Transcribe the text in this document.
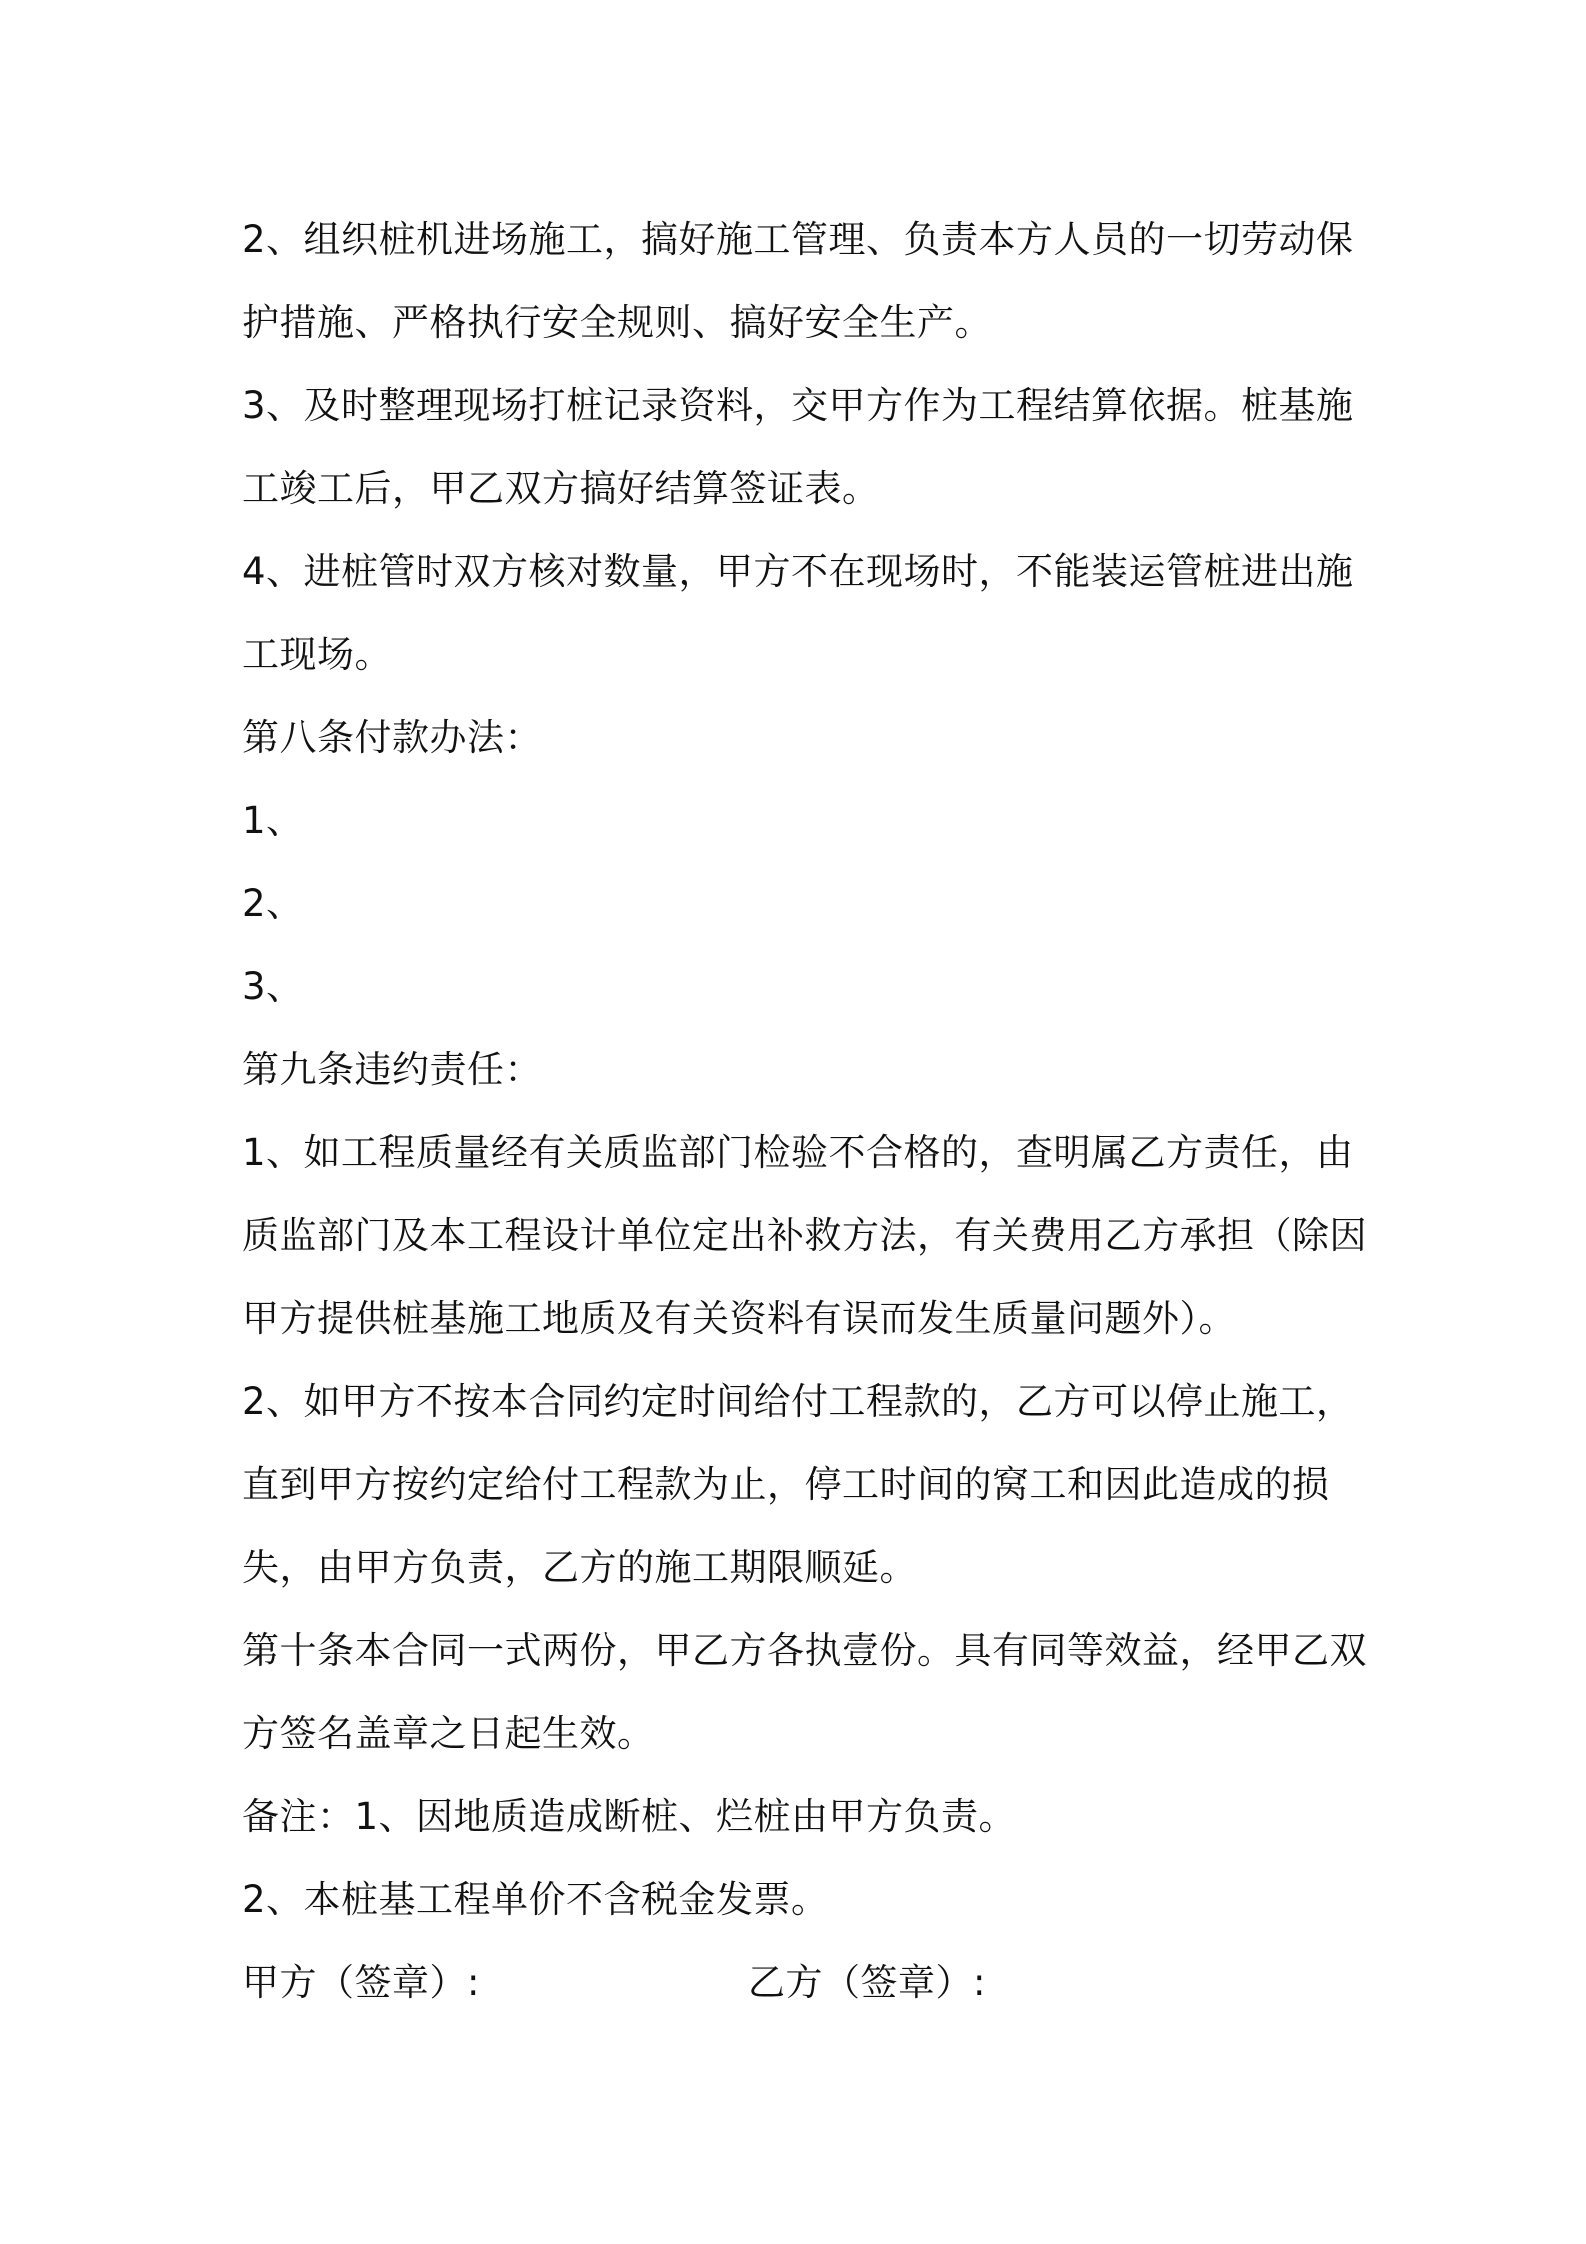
2、组织桩机进场施工，搞好施工管理、负责本方人员的一切劳动保护措施、严格执行安全规则、搞好安全生产。

3、及时整理现场打桩记录资料，交甲方作为工程结算依据。桩基施工竣工后，甲乙双方搞好结算签证表。

4、进桩管时双方核对数量，甲方不在现场时，不能装运管桩进出施工现场。

第八条付款办法：

1、

2、

3、

第九条违约责任：

1、如工程质量经有关质监部门检验不合格的，查明属乙方责任，由质监部门及本工程设计单位定出补救方法，有关费用乙方承担（除因甲方提供桩基施工地质及有关资料有误而发生质量问题外）。

2、如甲方不按本合同约定时间给付工程款的，乙方可以停止施工，直到甲方按约定给付工程款为止，停工时间的窝工和因此造成的损失，由甲方负责，乙方的施工期限顺延。

第十条本合同一式两份，甲乙方各执壹份。具有同等效益，经甲乙双方签名盖章之日起生效。

备注：1、因地质造成断桩、烂桩由甲方负责。

2、本桩基工程单价不含税金发票。

甲方（签章）:	乙方（签章）:
